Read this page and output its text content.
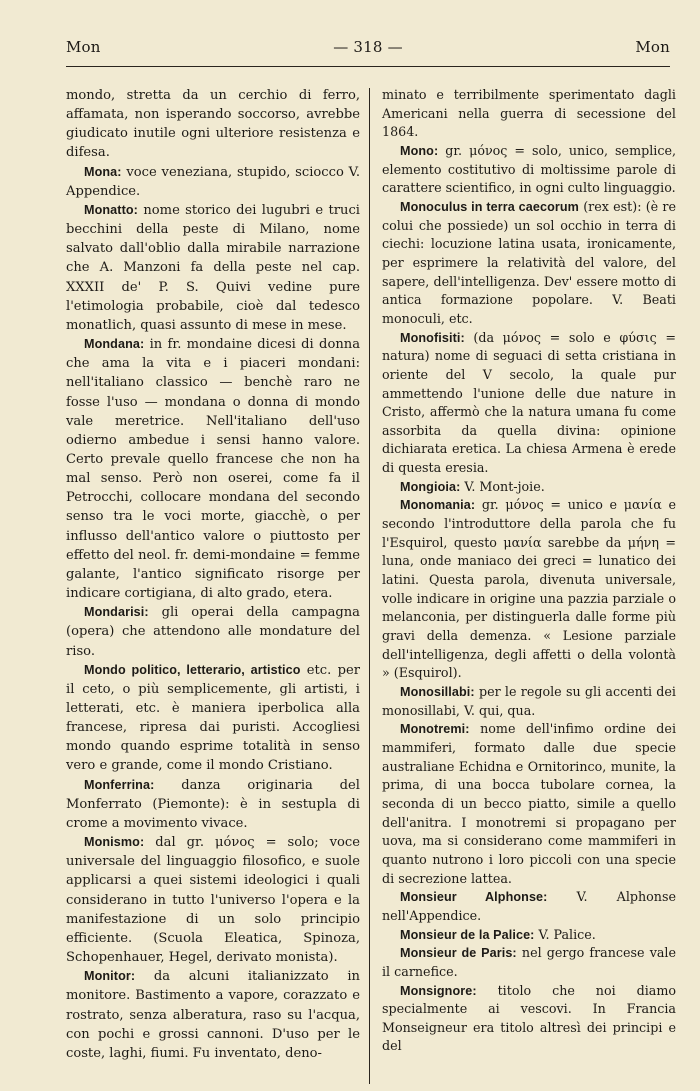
Mon	— 318 —	Mon

mondo, stretta da un cerchio di ferro, affamata, non isperando soccorso, avrebbe giudicato inutile ogni ulteriore resistenza e difesa.

Mona: voce veneziana, stupido, sciocco V. Appendice.

Monatto: nome storico dei lugubri e truci becchini della peste di Milano, nome salvato dall'oblio dalla mirabile narrazione che A. Manzoni fa della peste nel cap. XXXII de' P. S. Quivi vedine pure l'etimologia probabile, cioè dal tedesco monatlich, quasi assunto di mese in mese.

Mondana: in fr. mondaine dicesi di donna che ama la vita e i piaceri mondani: nell'italiano classico — benchè raro ne fosse l'uso — mondana o donna di mondo vale meretrice. Nell'italiano dell'uso odierno ambedue i sensi hanno valore. Certo prevale quello francese che non ha mal senso. Però non oserei, come fa il Petrocchi, collocare mondana del secondo senso tra le voci morte, giacchè, o per influsso dell'antico valore o piuttosto per effetto del neol. fr. demi-mondaine = femme galante, l'antico significato risorge per indicare cortigiana, di alto grado, etera.

Mondarisi: gli operai della campagna (opera) che attendono alle mondature del riso.

Mondo politico, letterario, artistico etc. per il ceto, o più semplicemente, gli artisti, i letterati, etc. è maniera iperbolica alla francese, ripresa dai puristi. Accogliesi mondo quando esprime totalità in senso vero e grande, come il mondo Cristiano.

Monferrina: danza originaria del Monferrato (Piemonte): è in sestupla di crome a movimento vivace.

Monismo: dal gr. μόνος = solo; voce universale del linguaggio filosofico, e suole applicarsi a quei sistemi ideologici i quali considerano in tutto l'universo l'opera e la manifestazione di un solo principio efficiente. (Scuola Eleatica, Spinoza, Schopenhauer, Hegel, derivato monista).

Monitor: da alcuni italianizzato in monitore. Bastimento a vapore, corazzato e rostrato, senza alberatura, raso su l'acqua, con pochi e grossi cannoni. D'uso per le coste, laghi, fiumi. Fu inventato, deno-

minato e terribilmente sperimentato dagli Americani nella guerra di secessione del 1864.

Mono: gr. μόνος = solo, unico, semplice, elemento costitutivo di moltissime parole di carattere scientifico, in ogni culto linguaggio.

Monoculus in terra caecorum (rex est): (è re colui che possiede) un sol occhio in terra di ciechi: locuzione latina usata, ironicamente, per esprimere la relatività del valore, del sapere, dell'intelligenza. Dev' essere motto di antica formazione popolare. V. Beati monoculi, etc.

Monofisiti: (da μόνος = solo e φύσις = natura) nome di seguaci di setta cristiana in oriente del V secolo, la quale pur ammettendo l'unione delle due nature in Cristo, affermò che la natura umana fu come assorbita da quella divina: opinione dichiarata eretica. La chiesa Armena è erede di questa eresia.

Mongioia: V. Mont-joie.

Monomania: gr. μόνος = unico e μανία e secondo l'introduttore della parola che fu l'Esquirol, questo μανία sarebbe da μήνη = luna, onde maniaco dei greci = lunatico dei latini. Questa parola, divenuta universale, volle indicare in origine una pazzia parziale o melanconia, per distinguerla dalle forme più gravi della demenza. « Lesione parziale dell'intelligenza, degli affetti o della volontà » (Esquirol).

Monosillabi: per le regole su gli accenti dei monosillabi, V. qui, qua.

Monotremi: nome dell'infimo ordine dei mammiferi, formato dalle due specie australiane Echidna e Ornitorinco, munite, la prima, di una bocca tubolare cornea, la seconda di un becco piatto, simile a quello dell'anitra. I monotremi si propagano per uova, ma si considerano come mammiferi in quanto nutrono i loro piccoli con una specie di secrezione lattea.

Monsieur Alphonse: V. Alphonse nell'Appendice.

Monsieur de la Palice: V. Palice.

Monsieur de Paris: nel gergo francese vale il carnefice.

Monsignore: titolo che noi diamo specialmente ai vescovi. In Francia Monseigneur era titolo altresì dei principi e del
